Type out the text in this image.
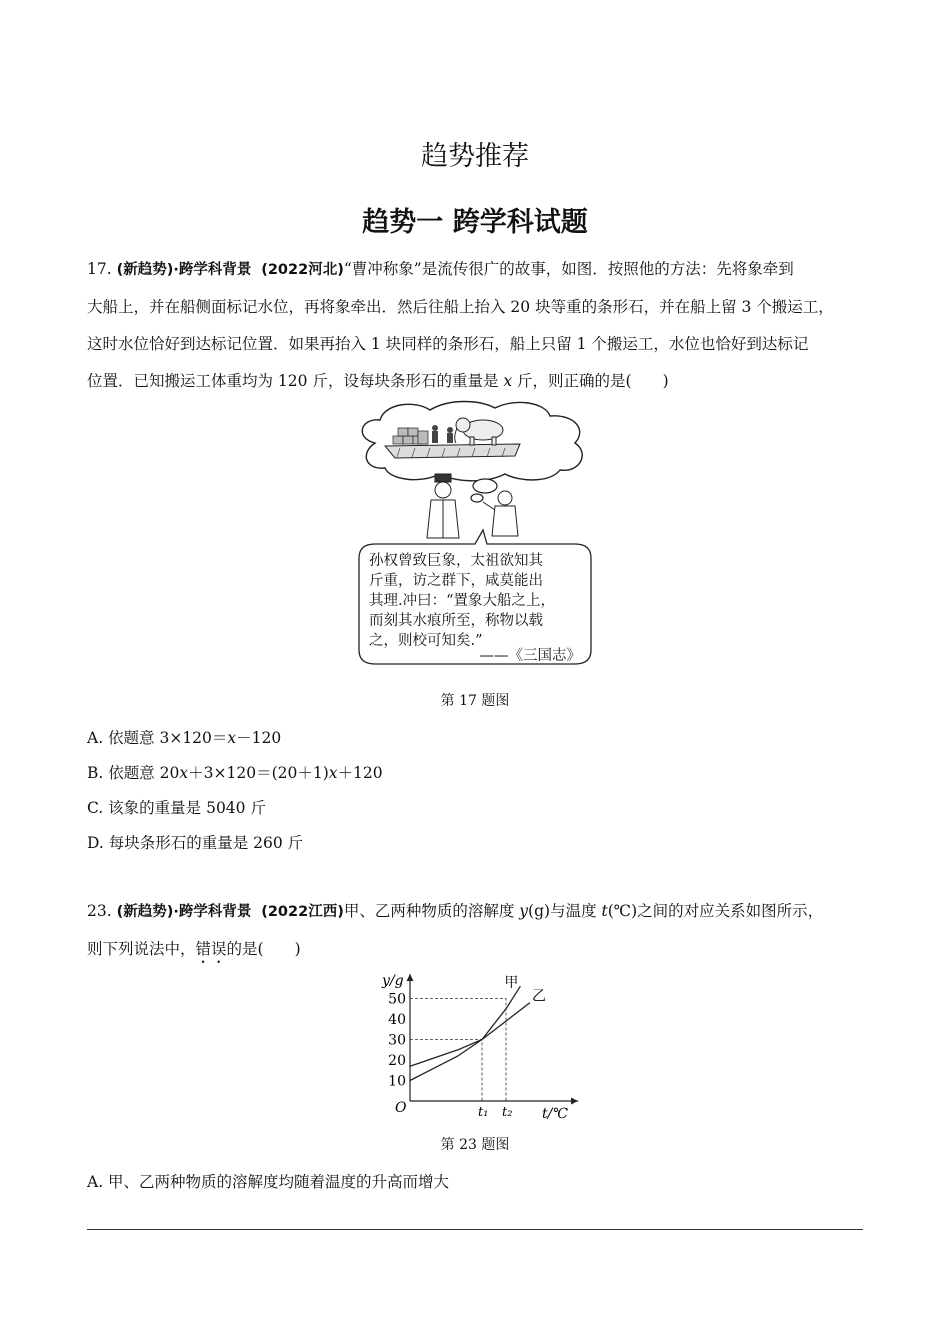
趋势推荐
趋势一 跨学科试题
17. (新趋势)·跨学科背景 (2022河北)“曹冲称象”是流传很广的故事，如图．按照他的方法：先将象牵到
大船上，并在船侧面标记水位，再将象牵出．然后往船上抬入 20 块等重的条形石，并在船上留 3 个搬运工，
这时水位恰好到达标记位置．如果再抬入 1 块同样的条形石，船上只留 1 个搬运工，水位也恰好到达标记
位置．已知搬运工体重均为 120 斤，设每块条形石的重量是 x 斤，则正确的是(　　)
孙权曾致巨象，太祖欲知其
斤重，访之群下，咸莫能出
其理.冲曰：“置象大船之上，
而刻其水痕所至，称物以载
之，则校可知矣.”
——《三国志》
第 17 题图
A. 依题意 3×120＝x－120
B. 依题意 20x＋3×120＝(20＋1)x＋120
C. 该象的重量是 5040 斤
D. 每块条形石的重量是 260 斤
23. (新趋势)·跨学科背景 (2022江西)甲、乙两种物质的溶解度 y(g)与温度 t(℃)之间的对应关系如图所示，
则下列说法中，错误的是(　　)
y/g
t/℃
O
10
20
30
40
50
t₁ t₂
甲
乙
第 23 题图
A. 甲、乙两种物质的溶解度均随着温度的升高而增大
